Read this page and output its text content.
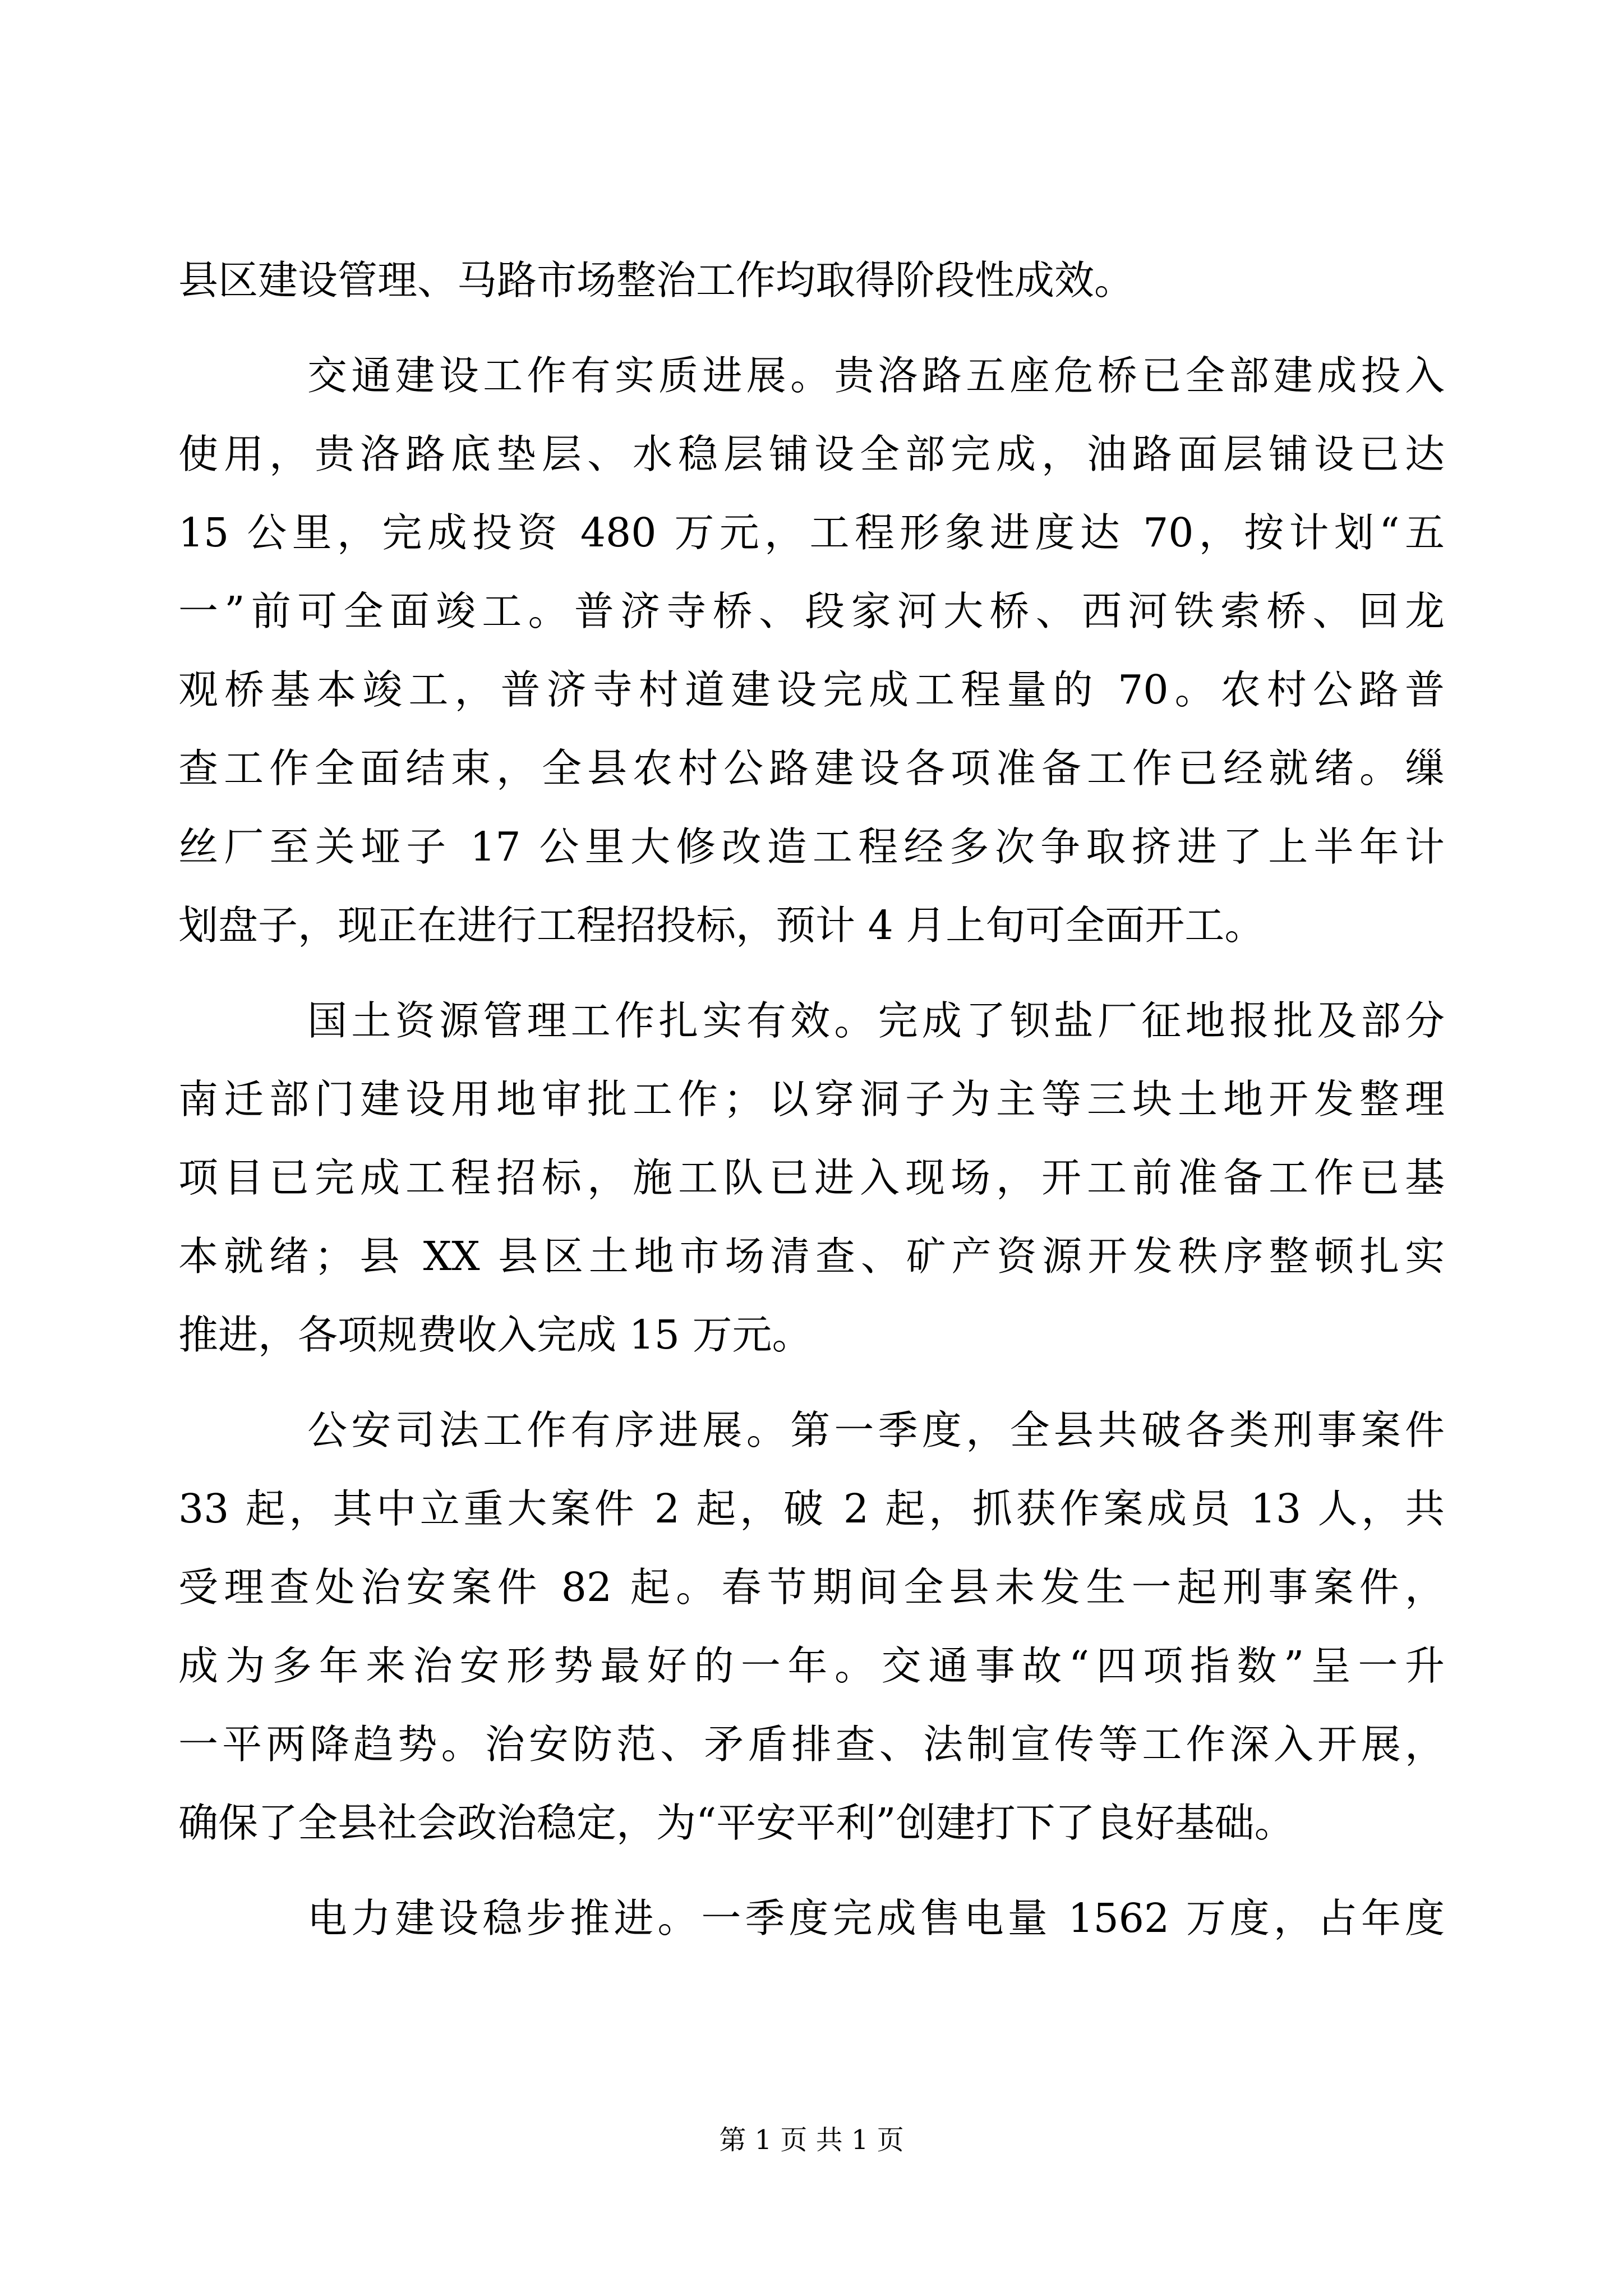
县区建设管理、马路市场整治工作均取得阶段性成效。
交通建设工作有实质进展。贵洛路五座危桥已全部建成投入
使用，贵洛路底垫层、水稳层铺设全部完成，油路面层铺设已达
15 公里，完成投资 480 万元，工程形象进度达 70，按计划“五
一”前可全面竣工。普济寺桥、段家河大桥、西河铁索桥、回龙
观桥基本竣工，普济寺村道建设完成工程量的 70。农村公路普
查工作全面结束，全县农村公路建设各项准备工作已经就绪。缫
丝厂至关垭子 17 公里大修改造工程经多次争取挤进了上半年计
划盘子，现正在进行工程招投标，预计 4 月上旬可全面开工。
国土资源管理工作扎实有效。完成了钡盐厂征地报批及部分
南迁部门建设用地审批工作；以穿洞子为主等三块土地开发整理
项目已完成工程招标，施工队已进入现场，开工前准备工作已基
本就绪；县 XX 县区土地市场清查、矿产资源开发秩序整顿扎实
推进，各项规费收入完成 15 万元。
公安司法工作有序进展。第一季度，全县共破各类刑事案件
33 起，其中立重大案件 2 起，破 2 起，抓获作案成员 13 人，共
受理查处治安案件 82 起。春节期间全县未发生一起刑事案件，
成为多年来治安形势最好的一年。交通事故“四项指数”呈一升
一平两降趋势。治安防范、矛盾排查、法制宣传等工作深入开展，
确保了全县社会政治稳定，为“平安平利”创建打下了良好基础。
电力建设稳步推进。一季度完成售电量 1562 万度，占年度
第 1 页 共 1 页
